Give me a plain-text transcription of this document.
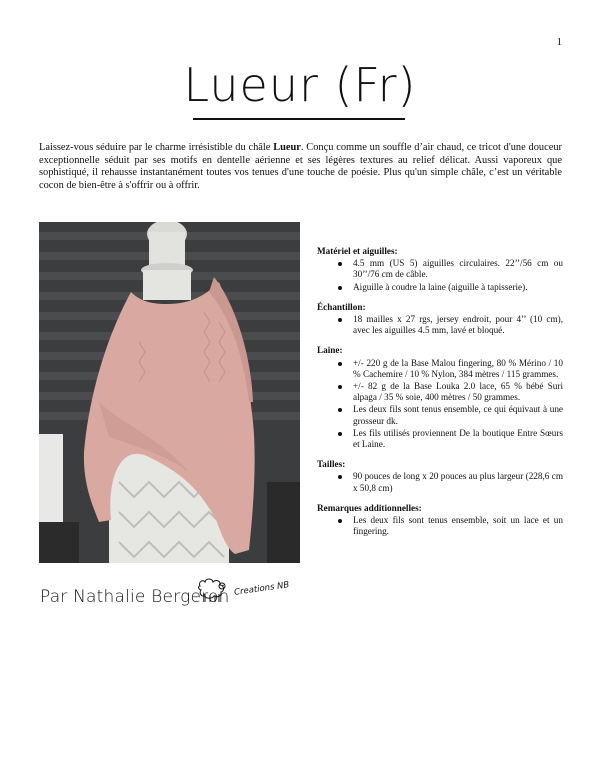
1
Lueur (Fr)
Laissez-vous séduire par le charme irrésistible du châle Lueur. Conçu comme un souffle d’air chaud, ce tricot d'une douceur exceptionnelle séduit par ses motifs en dentelle aérienne et ses légères textures au relief délicat. Aussi vaporeux que sophistiqué, il rehausse instantanément toutes vos tenues d'une touche de poésie. Plus qu'un simple châle, c’est un véritable cocon de bien-être à s'offrir ou à offrir.
Matériel et aiguilles:
4.5 mm (US 5) aiguilles circulaires. 22’’/56 cm ou 30’’/76 cm de câble.
Aiguille à coudre la laine (aiguille à tapisserie).
Échantillon:
18 mailles x 27 rgs, jersey endroit, pour 4’’ (10 cm), avec les aiguilles 4.5 mm, lavé et bloqué.
Laine:
+/- 220 g de la Base Malou fingering, 80 % Mérino / 10 % Cachemire / 10 % Nylon, 384 mètres / 115 grammes.
+/- 82 g de la Base Louka 2.0 lace, 65 % bébé Suri alpaga / 35 % soie, 400 mètres / 50 grammes.
Les deux fils sont tenus ensemble, ce qui équivaut à une grosseur dk.
Les fils utilisés proviennent De la boutique Entre Sœurs et Laine.
Tailles:
90 pouces de long x 20 pouces au plus largeur (228,6 cm x 50,8 cm)
Remarques additionnelles:
Les deux fils sont tenus ensemble, soit un lace et un fingering.
Par Nathalie Bergeron Creations NB
